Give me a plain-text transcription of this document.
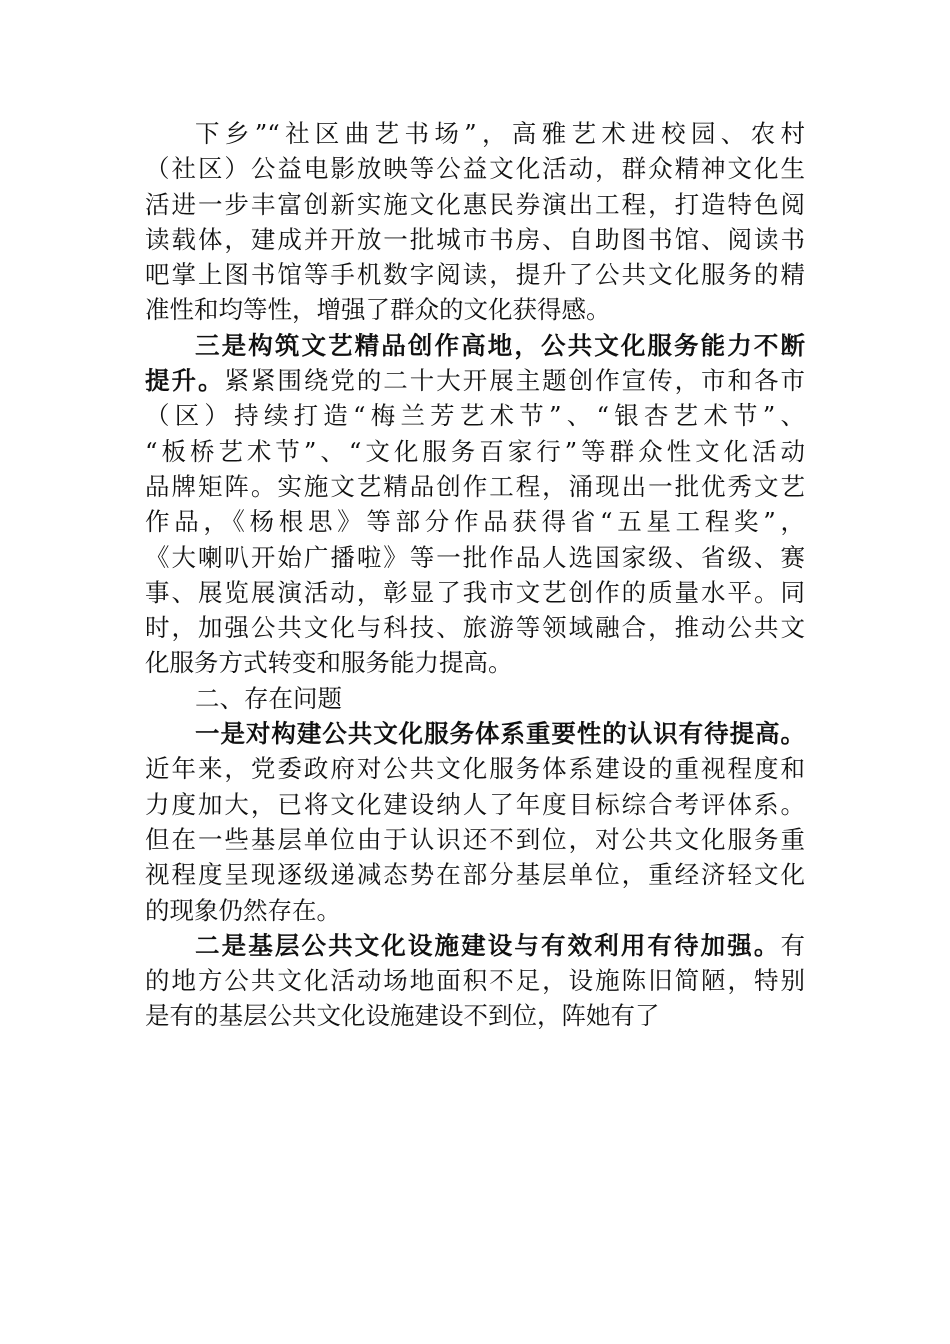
下乡”“社区曲艺书场”，高雅艺术进校园、农村
（社区）公益电影放映等公益文化活动，群众精神文化生
活进一步丰富创新实施文化惠民券演出工程，打造特色阅
读载体，建成并开放一批城市书房、自助图书馆、阅读书
吧掌上图书馆等手机数字阅读，提升了公共文化服务的精
准性和均等性，增强了群众的文化获得感。
三是构筑文艺精品创作高地，公共文化服务能力不断
提升。紧紧围绕党的二十大开展主题创作宣传，市和各市
（区）持续打造“梅兰芳艺术节”、“银杏艺术节”、
“板桥艺术节”、“文化服务百家行”等群众性文化活动
品牌矩阵。实施文艺精品创作工程，涌现出一批优秀文艺
作品，《杨根思》等部分作品获得省“五星工程奖”，
《大喇叭开始广播啦》等一批作品人选国家级、省级、赛
事、展览展演活动，彰显了我市文艺创作的质量水平。同
时，加强公共文化与科技、旅游等领域融合，推动公共文
化服务方式转变和服务能力提高。
二、存在问题
一是对构建公共文化服务体系重要性的认识有待提高。
近年来，党委政府对公共文化服务体系建设的重视程度和
力度加大，已将文化建设纳人了年度目标综合考评体系。
但在一些基层单位由于认识还不到位，对公共文化服务重
视程度呈现逐级递减态势在部分基层单位，重经济轻文化
的现象仍然存在。
二是基层公共文化设施建设与有效利用有待加强。有
的地方公共文化活动场地面积不足，设施陈旧简陋，特别
是有的基层公共文化设施建设不到位，阵她有了
